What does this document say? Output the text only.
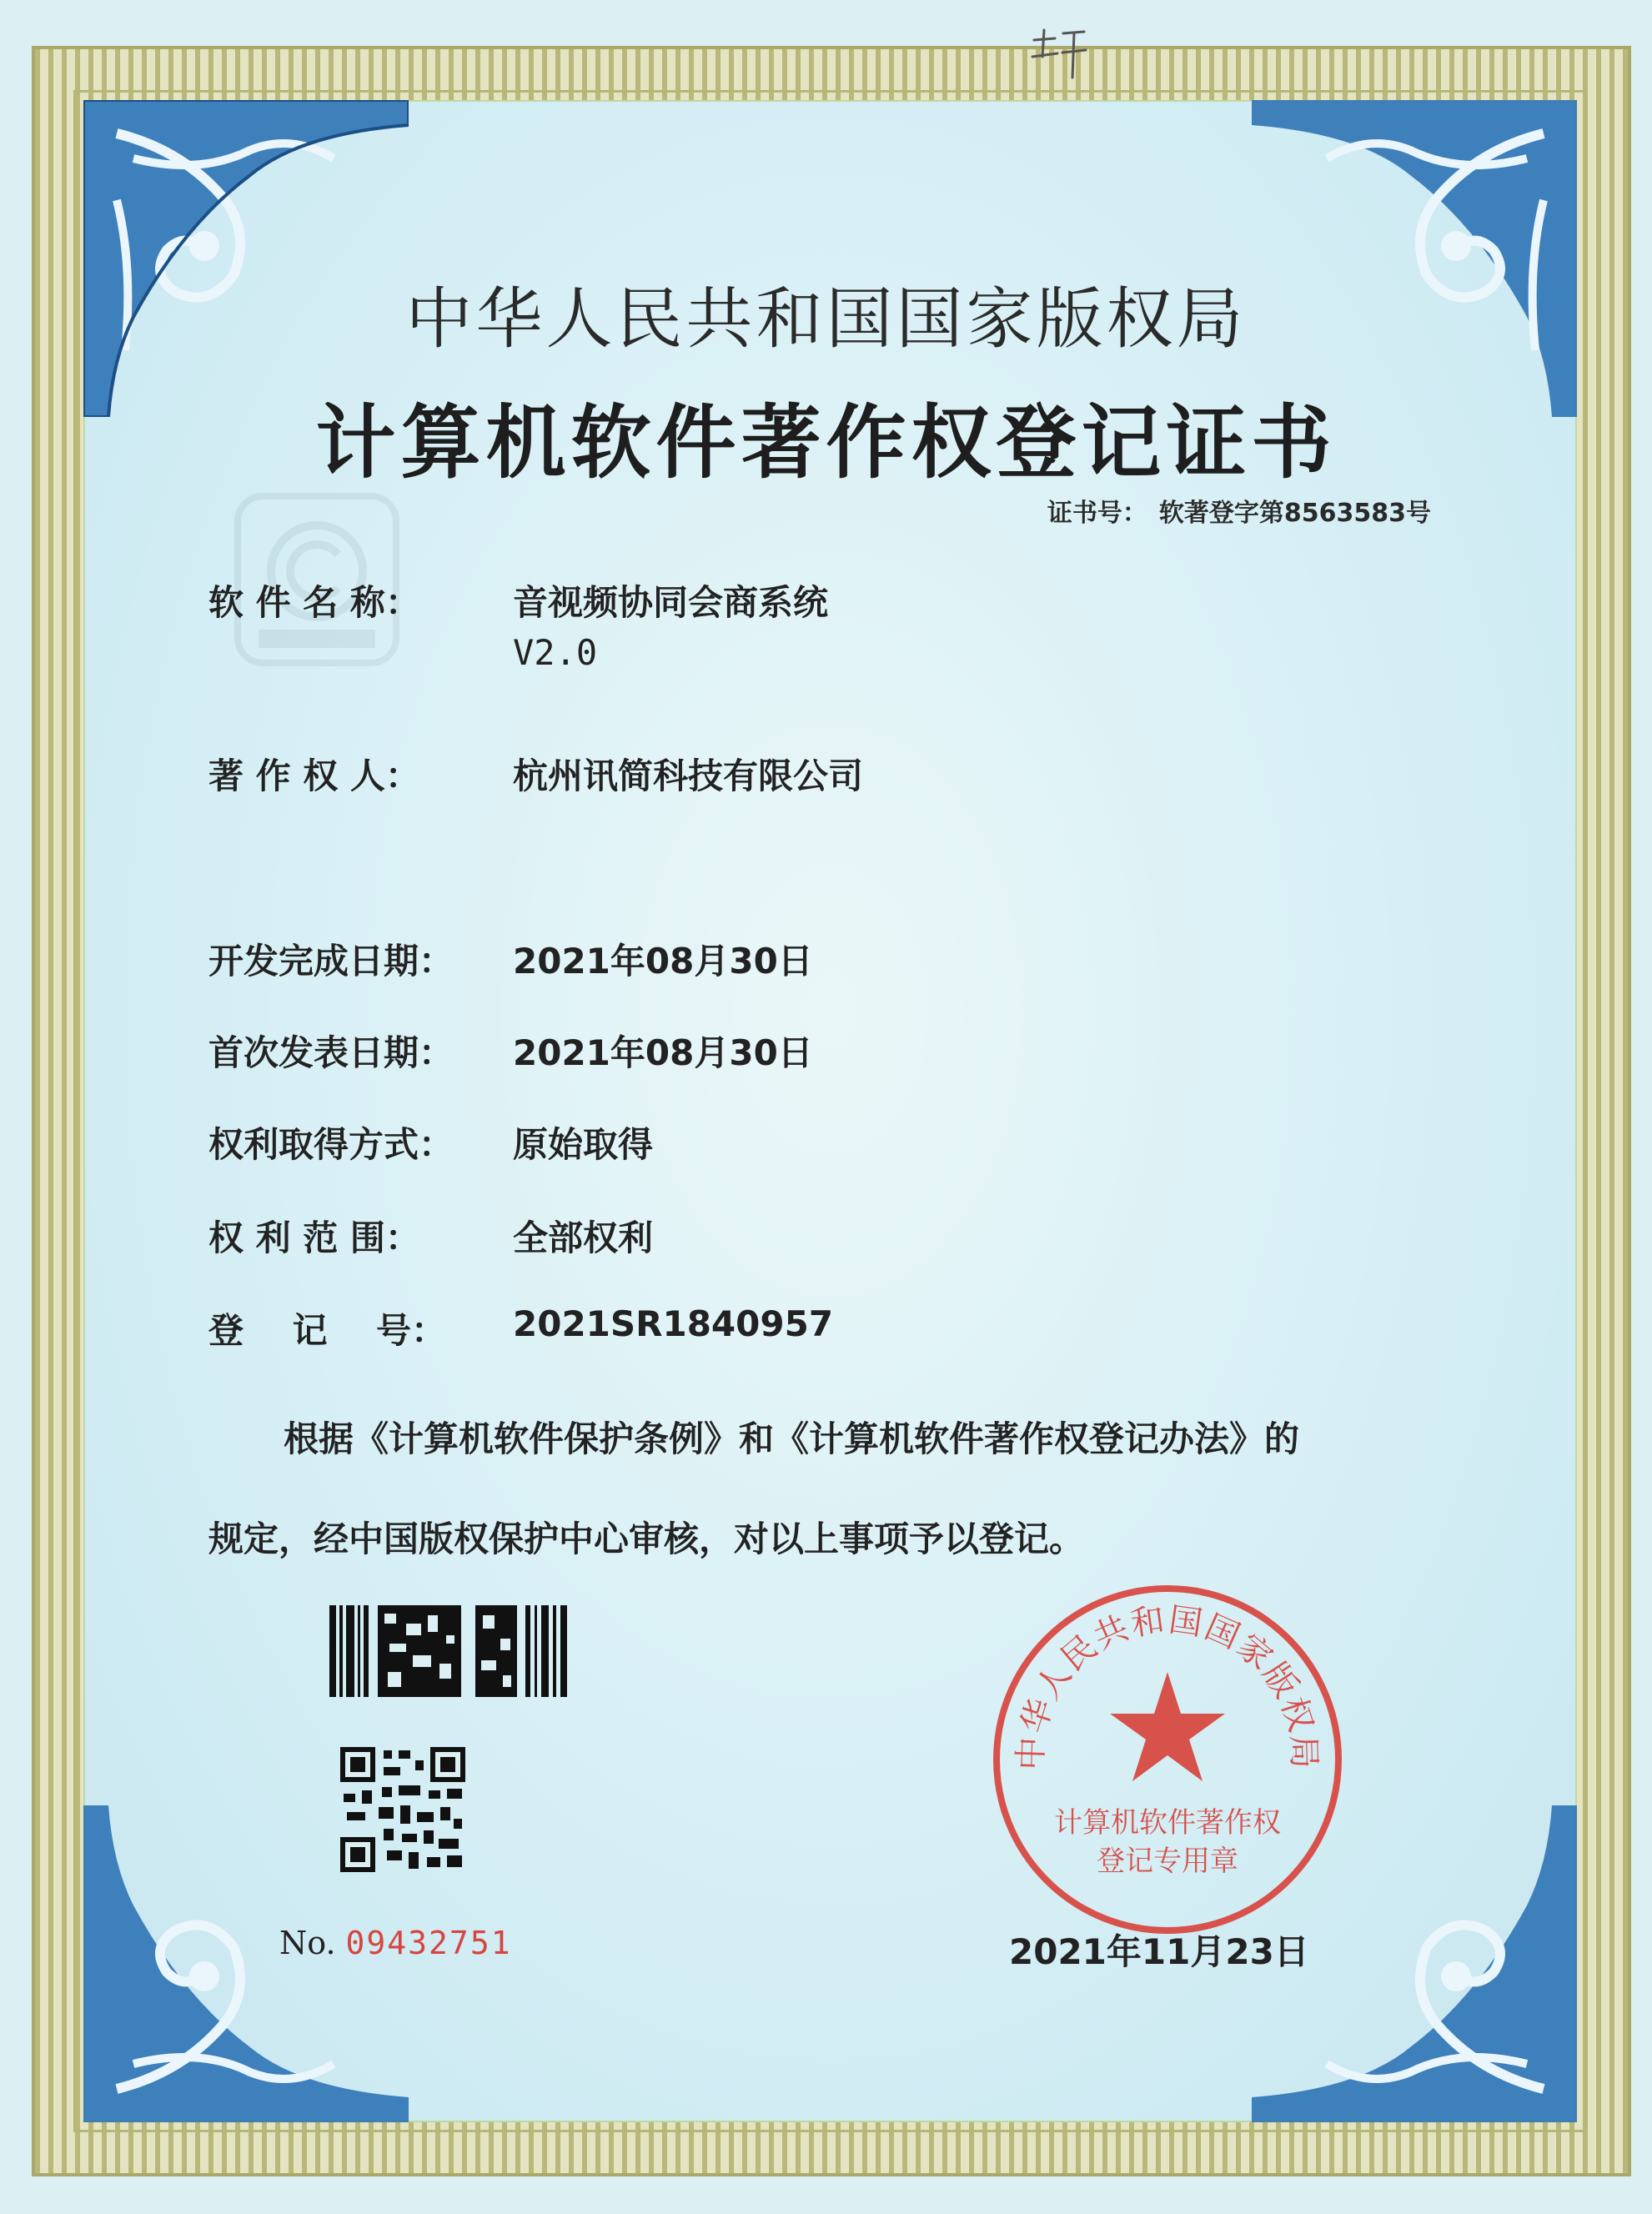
中华人民共和国国家版权局
计算机软件著作权登记证书
证书号： 软著登字第8563583号
软 件 名 称：	音视频协同会商系统
V2.0
著 作 权 人：	杭州讯简科技有限公司
开发完成日期：	2021年08月30日
首次发表日期：	2021年08月30日
权利取得方式：	原始取得
权 利 范 围：	全部权利
登    记    号：	2021SR1840957
根据《计算机软件保护条例》和《计算机软件著作权登记办法》的
规定，经中国版权保护中心审核，对以上事项予以登记。
No. 09432751
中华人民共和国国家版权局
计算机软件著作权
登记专用章
2021年11月23日
